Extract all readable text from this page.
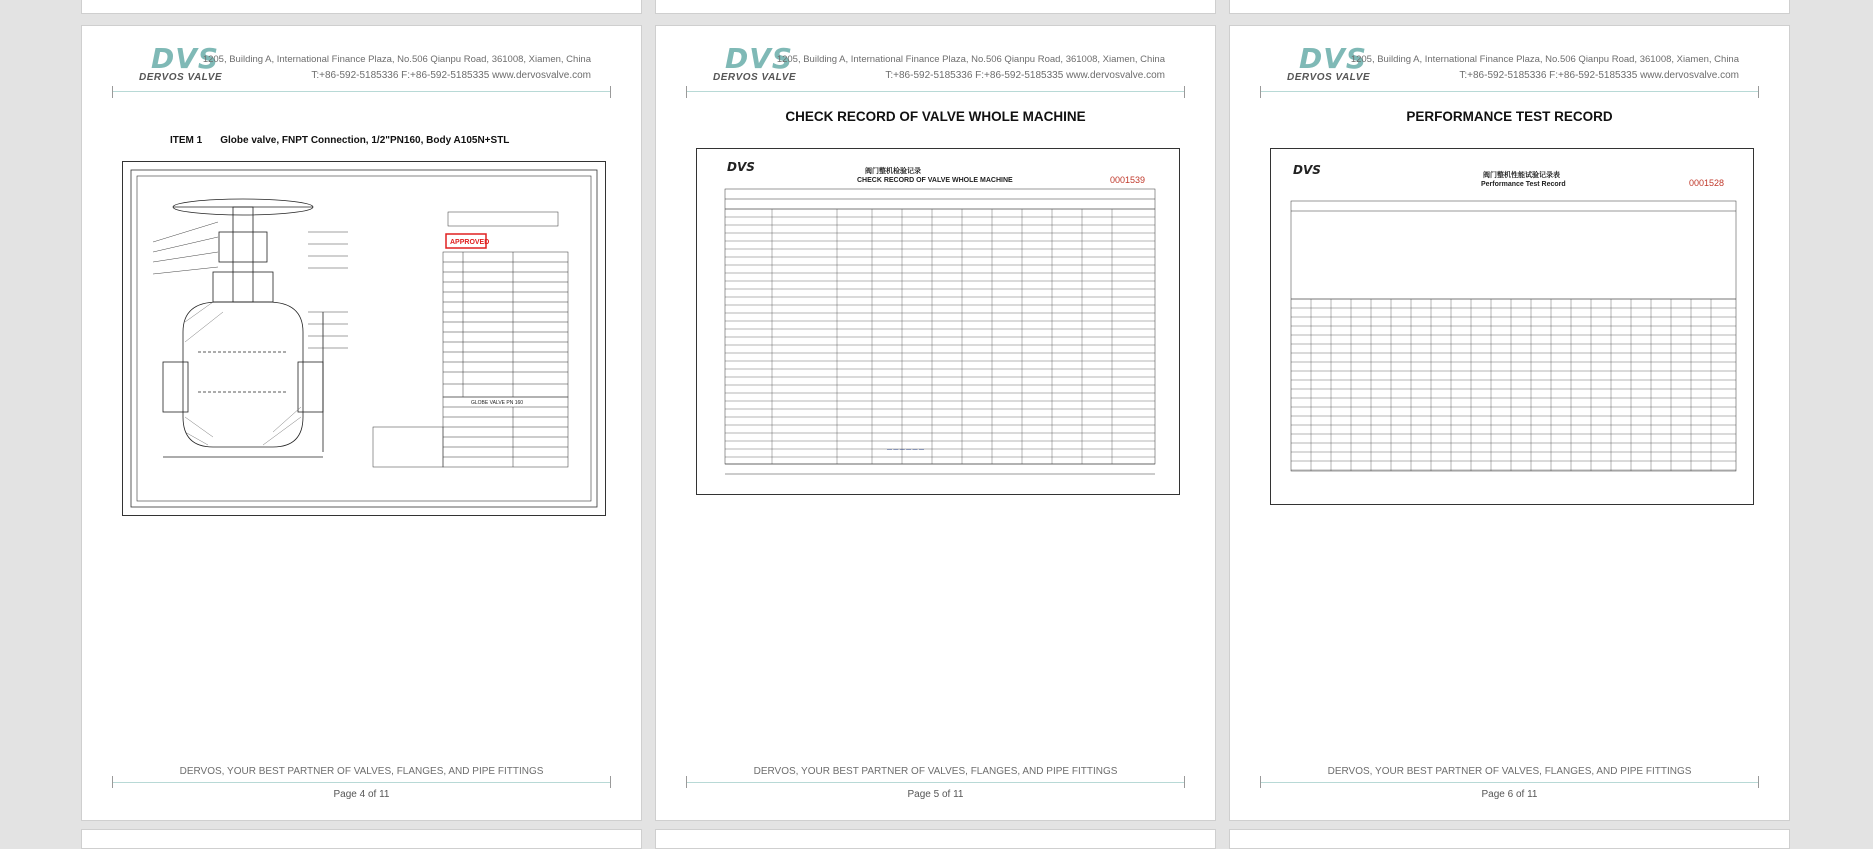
DVS
DERVOS VALVE
1205, Building A, International Finance Plaza, No.506 Qianpu Road, 361008, Xiamen, China
T:+86-592-5185336 F:+86-592-5185335 www.dervosvalve.com
ITEM 1 Globe valve, FNPT Connection, 1/2"PN160, Body A105N+STL
APPROVED
GLOBE VALVE PN 160
DERVOS, YOUR BEST PARTNER OF VALVES, FLANGES, AND PIPE FITTINGS
Page 4 of 11
DVS
DERVOS VALVE
1205, Building A, International Finance Plaza, No.506 Qianpu Road, 361008, Xiamen, China
T:+86-592-5185336 F:+86-592-5185335 www.dervosvalve.com
CHECK RECORD OF VALVE WHOLE MACHINE
DVS	阀门整机检验记录
CHECK RECORD OF VALVE WHOLE MACHINE	0001539
— — — — — —
DERVOS, YOUR BEST PARTNER OF VALVES, FLANGES, AND PIPE FITTINGS
Page 5 of 11
DVS
DERVOS VALVE
1205, Building A, International Finance Plaza, No.506 Qianpu Road, 361008, Xiamen, China
T:+86-592-5185336 F:+86-592-5185335 www.dervosvalve.com
PERFORMANCE TEST RECORD
DVS	阀门整机性能试验记录表
Performance Test Record	0001528
DERVOS, YOUR BEST PARTNER OF VALVES, FLANGES, AND PIPE FITTINGS
Page 6 of 11
